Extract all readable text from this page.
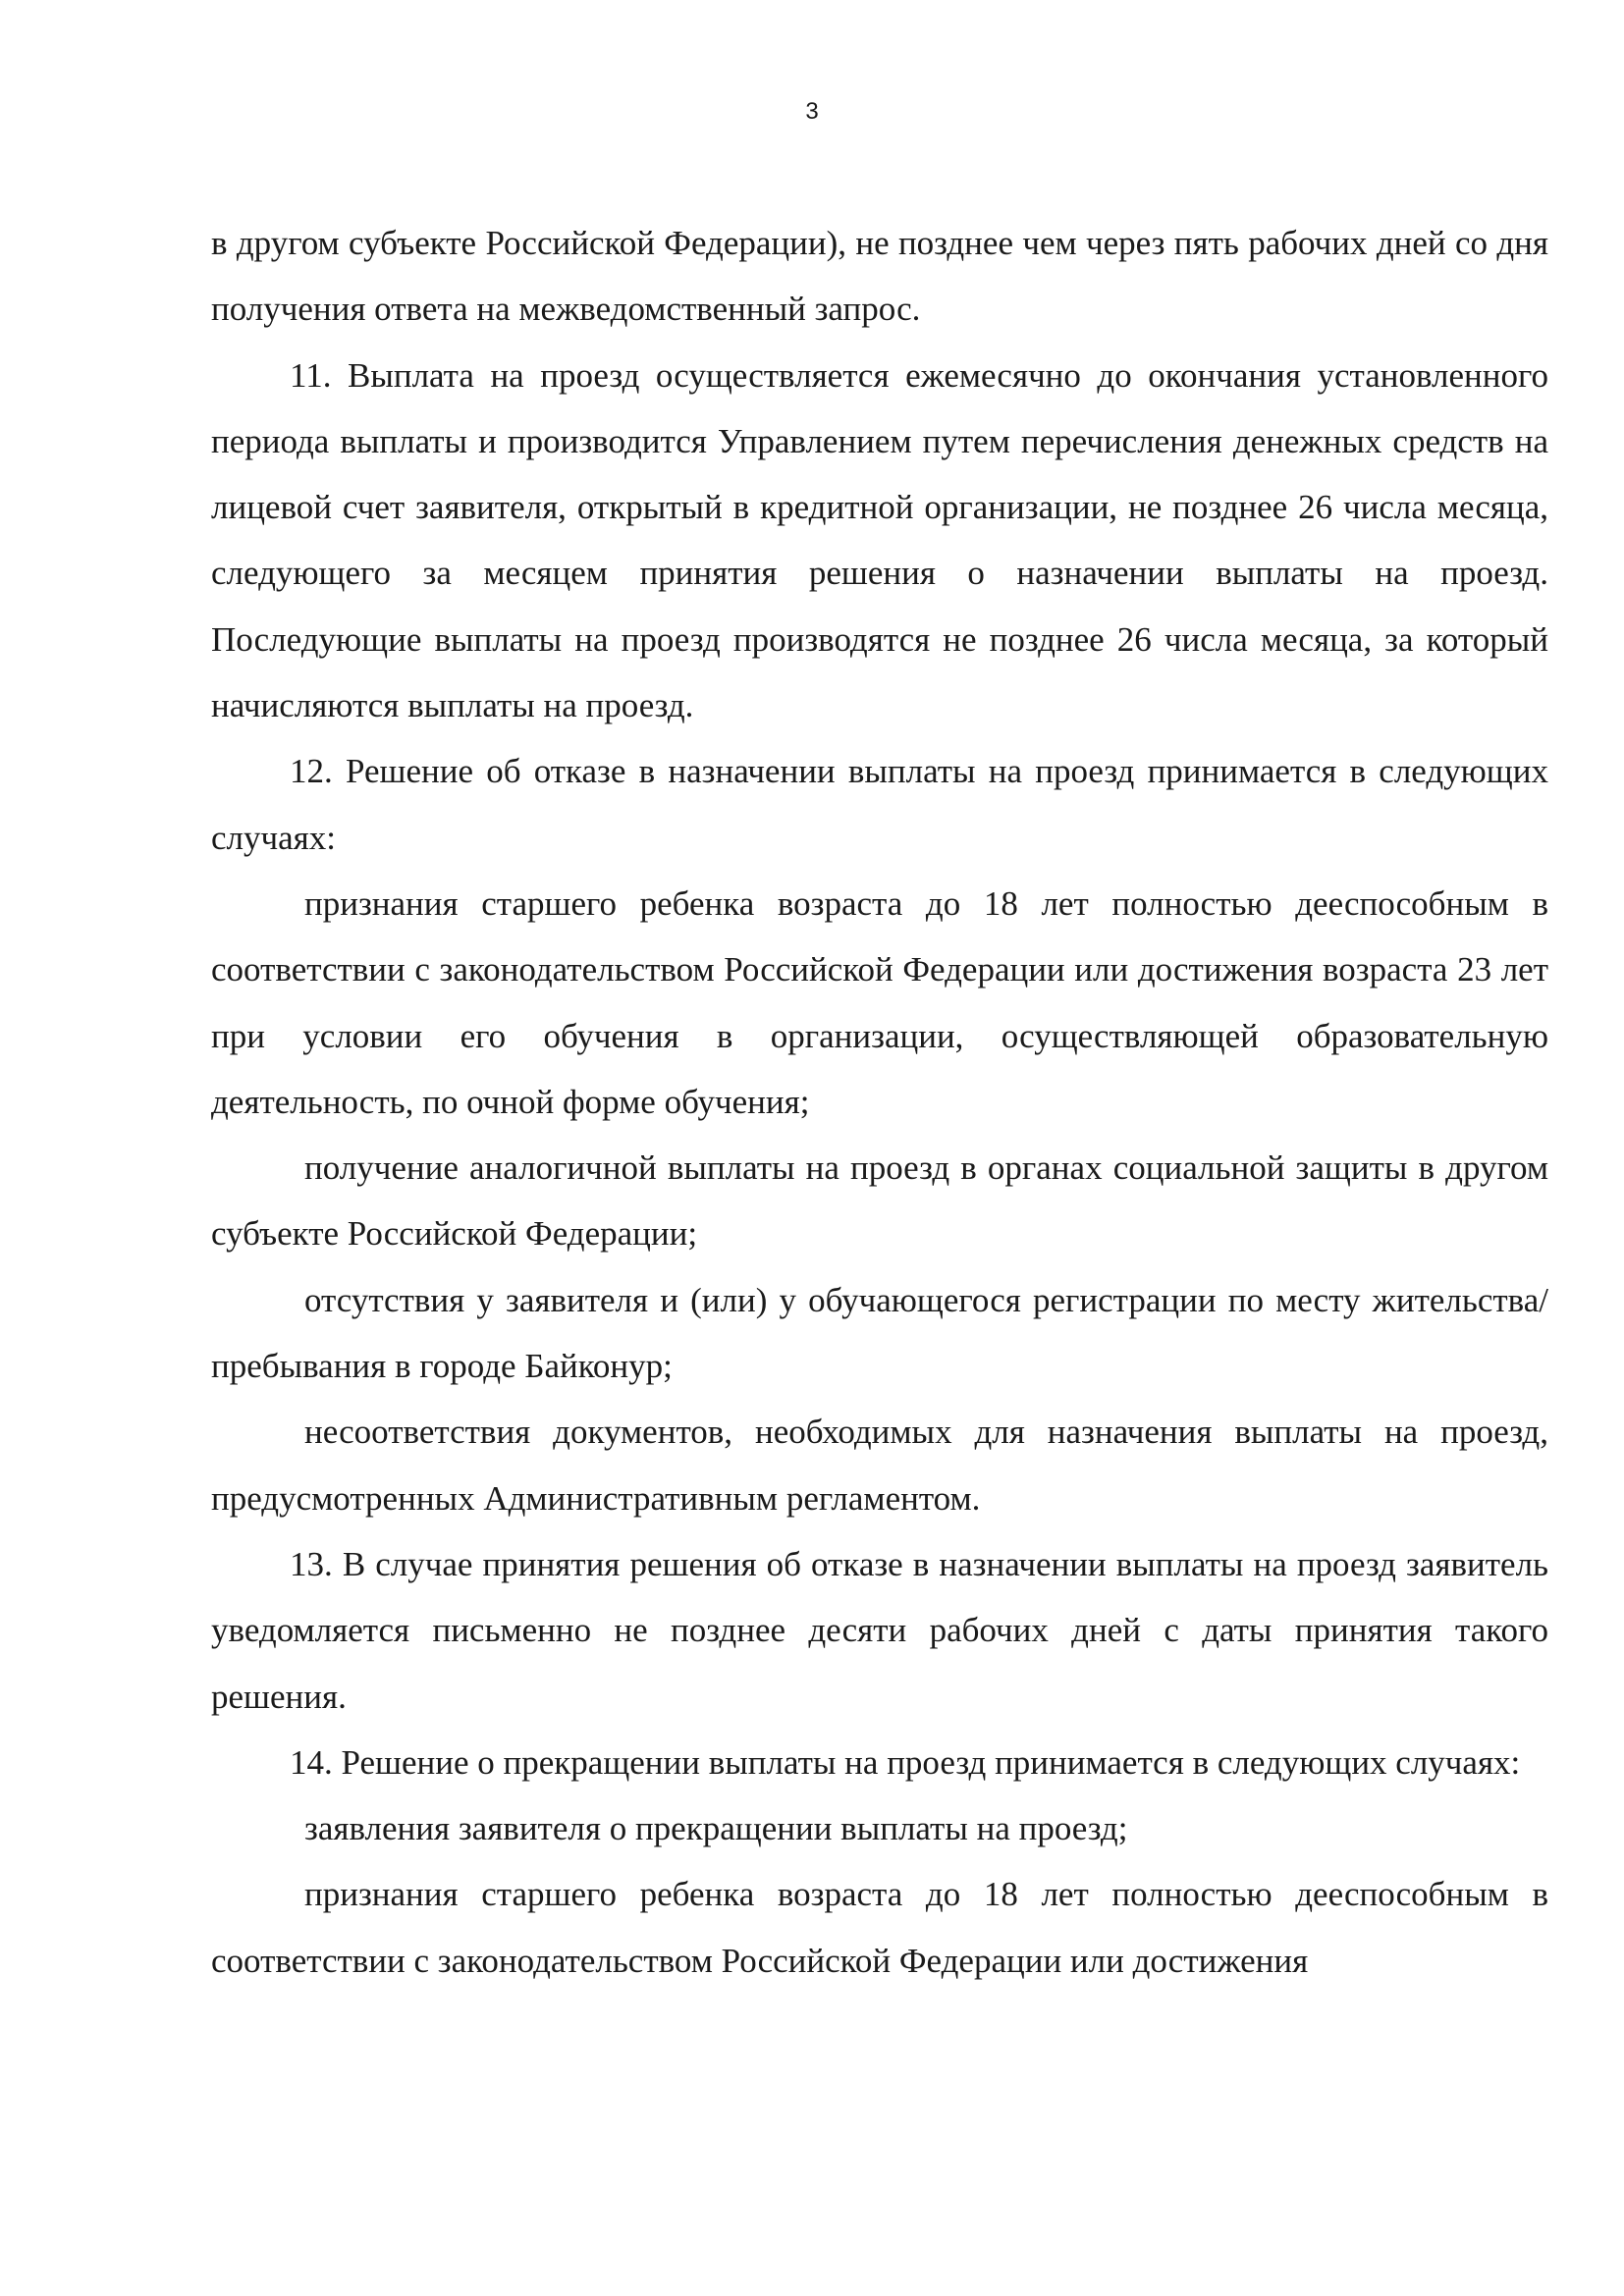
3

в другом субъекте Российской Федерации), не позднее чем через пять рабочих дней со дня получения ответа на межведомственный запрос.

11. Выплата на проезд осуществляется ежемесячно до окончания установленного периода выплаты и производится Управлением путем перечисления денежных средств на лицевой счет заявителя, открытый в кредитной организации, не позднее 26 числа месяца, следующего за месяцем принятия решения о назначении выплаты на проезд. Последующие выплаты на проезд производятся не позднее 26 числа месяца, за который начисляются выплаты на проезд.

12. Решение об отказе в назначении выплаты на проезд принимается в следующих случаях:

признания старшего ребенка возраста до 18 лет полностью дееспособным в соответствии с законодательством Российской Федерации или достижения возраста 23 лет при условии его обучения в организации, осуществляющей образовательную деятельность, по очной форме обучения;

получение аналогичной выплаты на проезд в органах социальной защиты в другом субъекте Российской Федерации;

отсутствия у заявителя и (или) у обучающегося регистрации по месту жительства/пребывания в городе Байконур;

несоответствия документов, необходимых для назначения выплаты на проезд, предусмотренных Административным регламентом.

13. В случае принятия решения об отказе в назначении выплаты на проезд заявитель уведомляется письменно не позднее десяти рабочих дней с даты принятия такого решения.

14. Решение о прекращении выплаты на проезд принимается в следующих случаях:

заявления заявителя о прекращении выплаты на проезд;

признания старшего ребенка возраста до 18 лет полностью дееспособным в соответствии с законодательством Российской Федерации или достижения
